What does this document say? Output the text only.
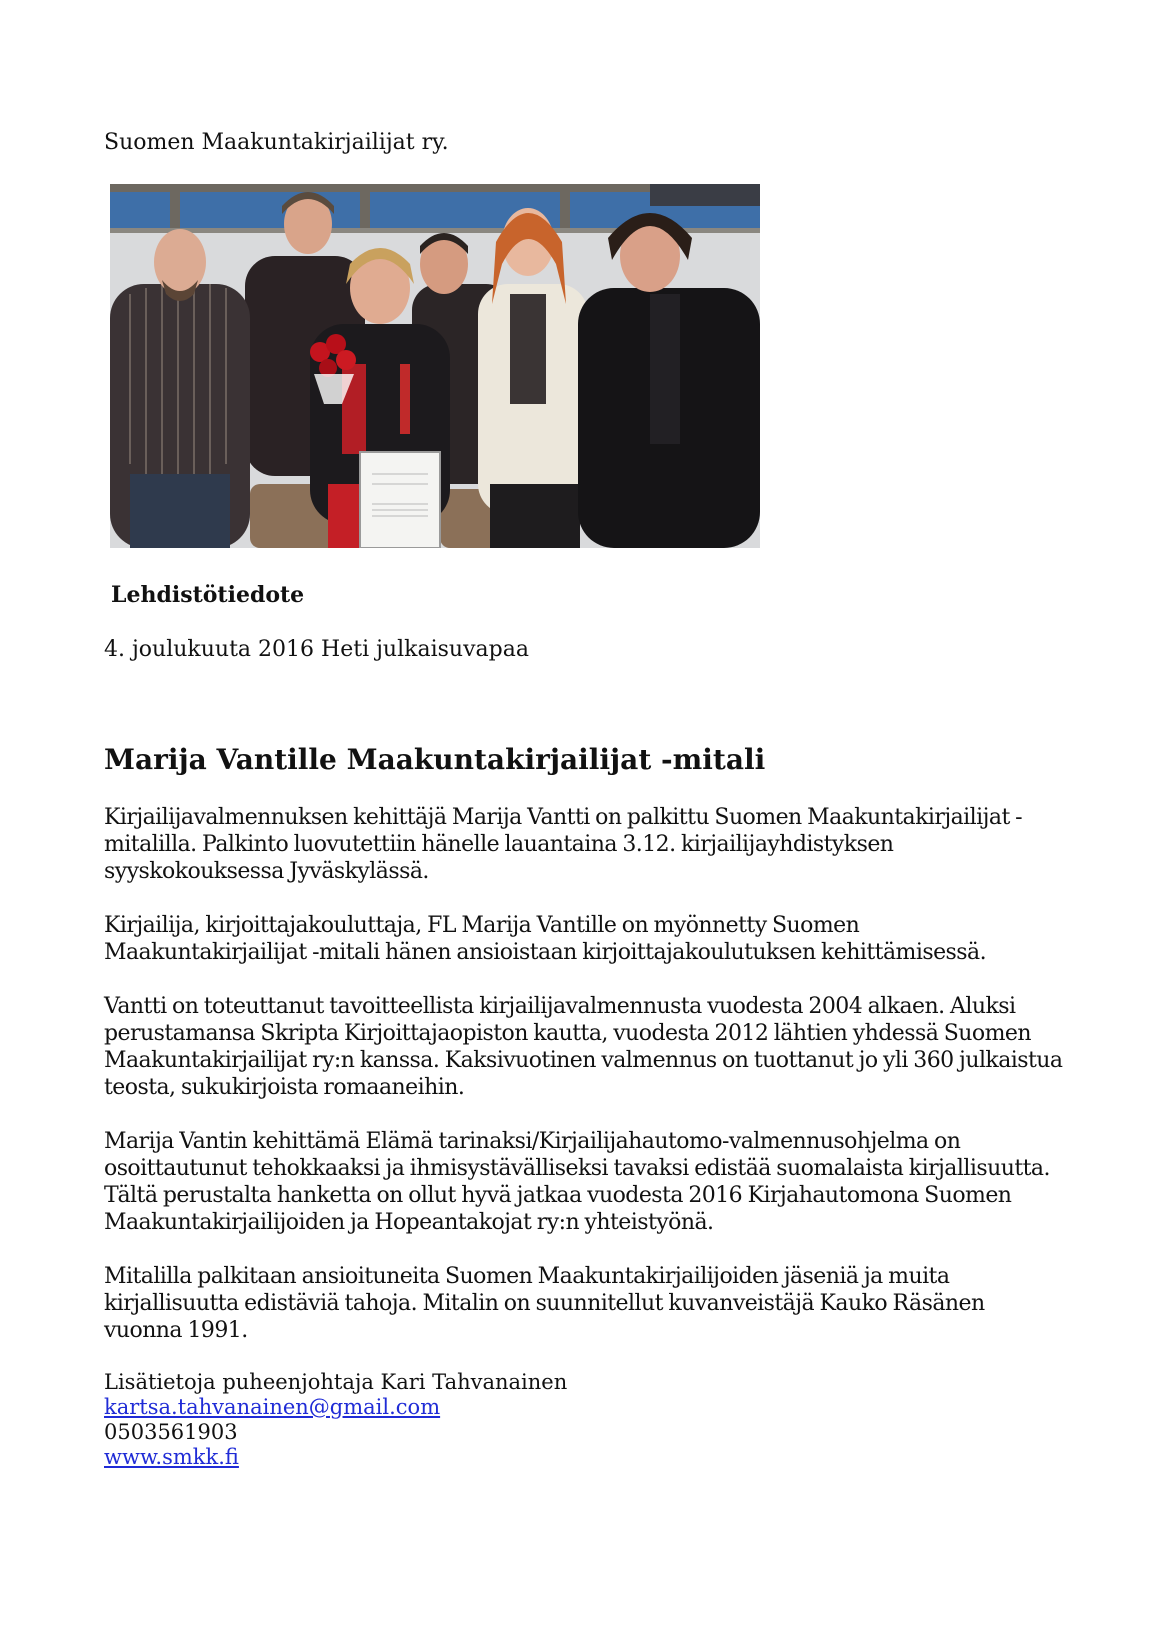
Suomen Maakuntakirjailijat ry.
Lehdistötiedote
4. joulukuuta 2016 Heti julkaisuvapaa
Marija Vantille Maakuntakirjailijat -mitali

Kirjailijavalmennuksen kehittäjä Marija Vantti on palkittu Suomen Maakuntakirjailijat -mitalilla. Palkinto luovutettiin hänelle lauantaina 3.12. kirjailijayhdistyksen syyskokouksessa Jyväskylässä.

Kirjailija, kirjoittajakouluttaja, FL Marija Vantille on myönnetty Suomen Maakuntakirjailijat -mitali hänen ansioistaan kirjoittajakoulutuksen kehittämisessä.

Vantti on toteuttanut tavoitteellista kirjailijavalmennusta vuodesta 2004 alkaen. Aluksi perustamansa Skripta Kirjoittajaopiston kautta, vuodesta 2012 lähtien yhdessä Suomen Maakuntakirjailijat ry:n kanssa. Kaksivuotinen valmennus on tuottanut jo yli 360 julkaistua teosta, sukukirjoista romaaneihin.

Marija Vantin kehittämä Elämä tarinaksi/Kirjailijahautomo-valmennusohjelma on osoittautunut tehokkaaksi ja ihmisystävälliseksi tavaksi edistää suomalaista kirjallisuutta. Tältä perustalta hanketta on ollut hyvä jatkaa vuodesta 2016 Kirjahautomona Suomen Maakuntakirjailijoiden ja Hopeantakojat ry:n yhteistyönä.

Mitalilla palkitaan ansioituneita Suomen Maakuntakirjailijoiden jäseniä ja muita kirjallisuutta edistäviä tahoja. Mitalin on suunnitellut kuvanveistäjä Kauko Räsänen vuonna 1991.

Lisätietoja puheenjohtaja Kari Tahvanainen
kartsa.tahvanainen@gmail.com
0503561903
www.smkk.fi
